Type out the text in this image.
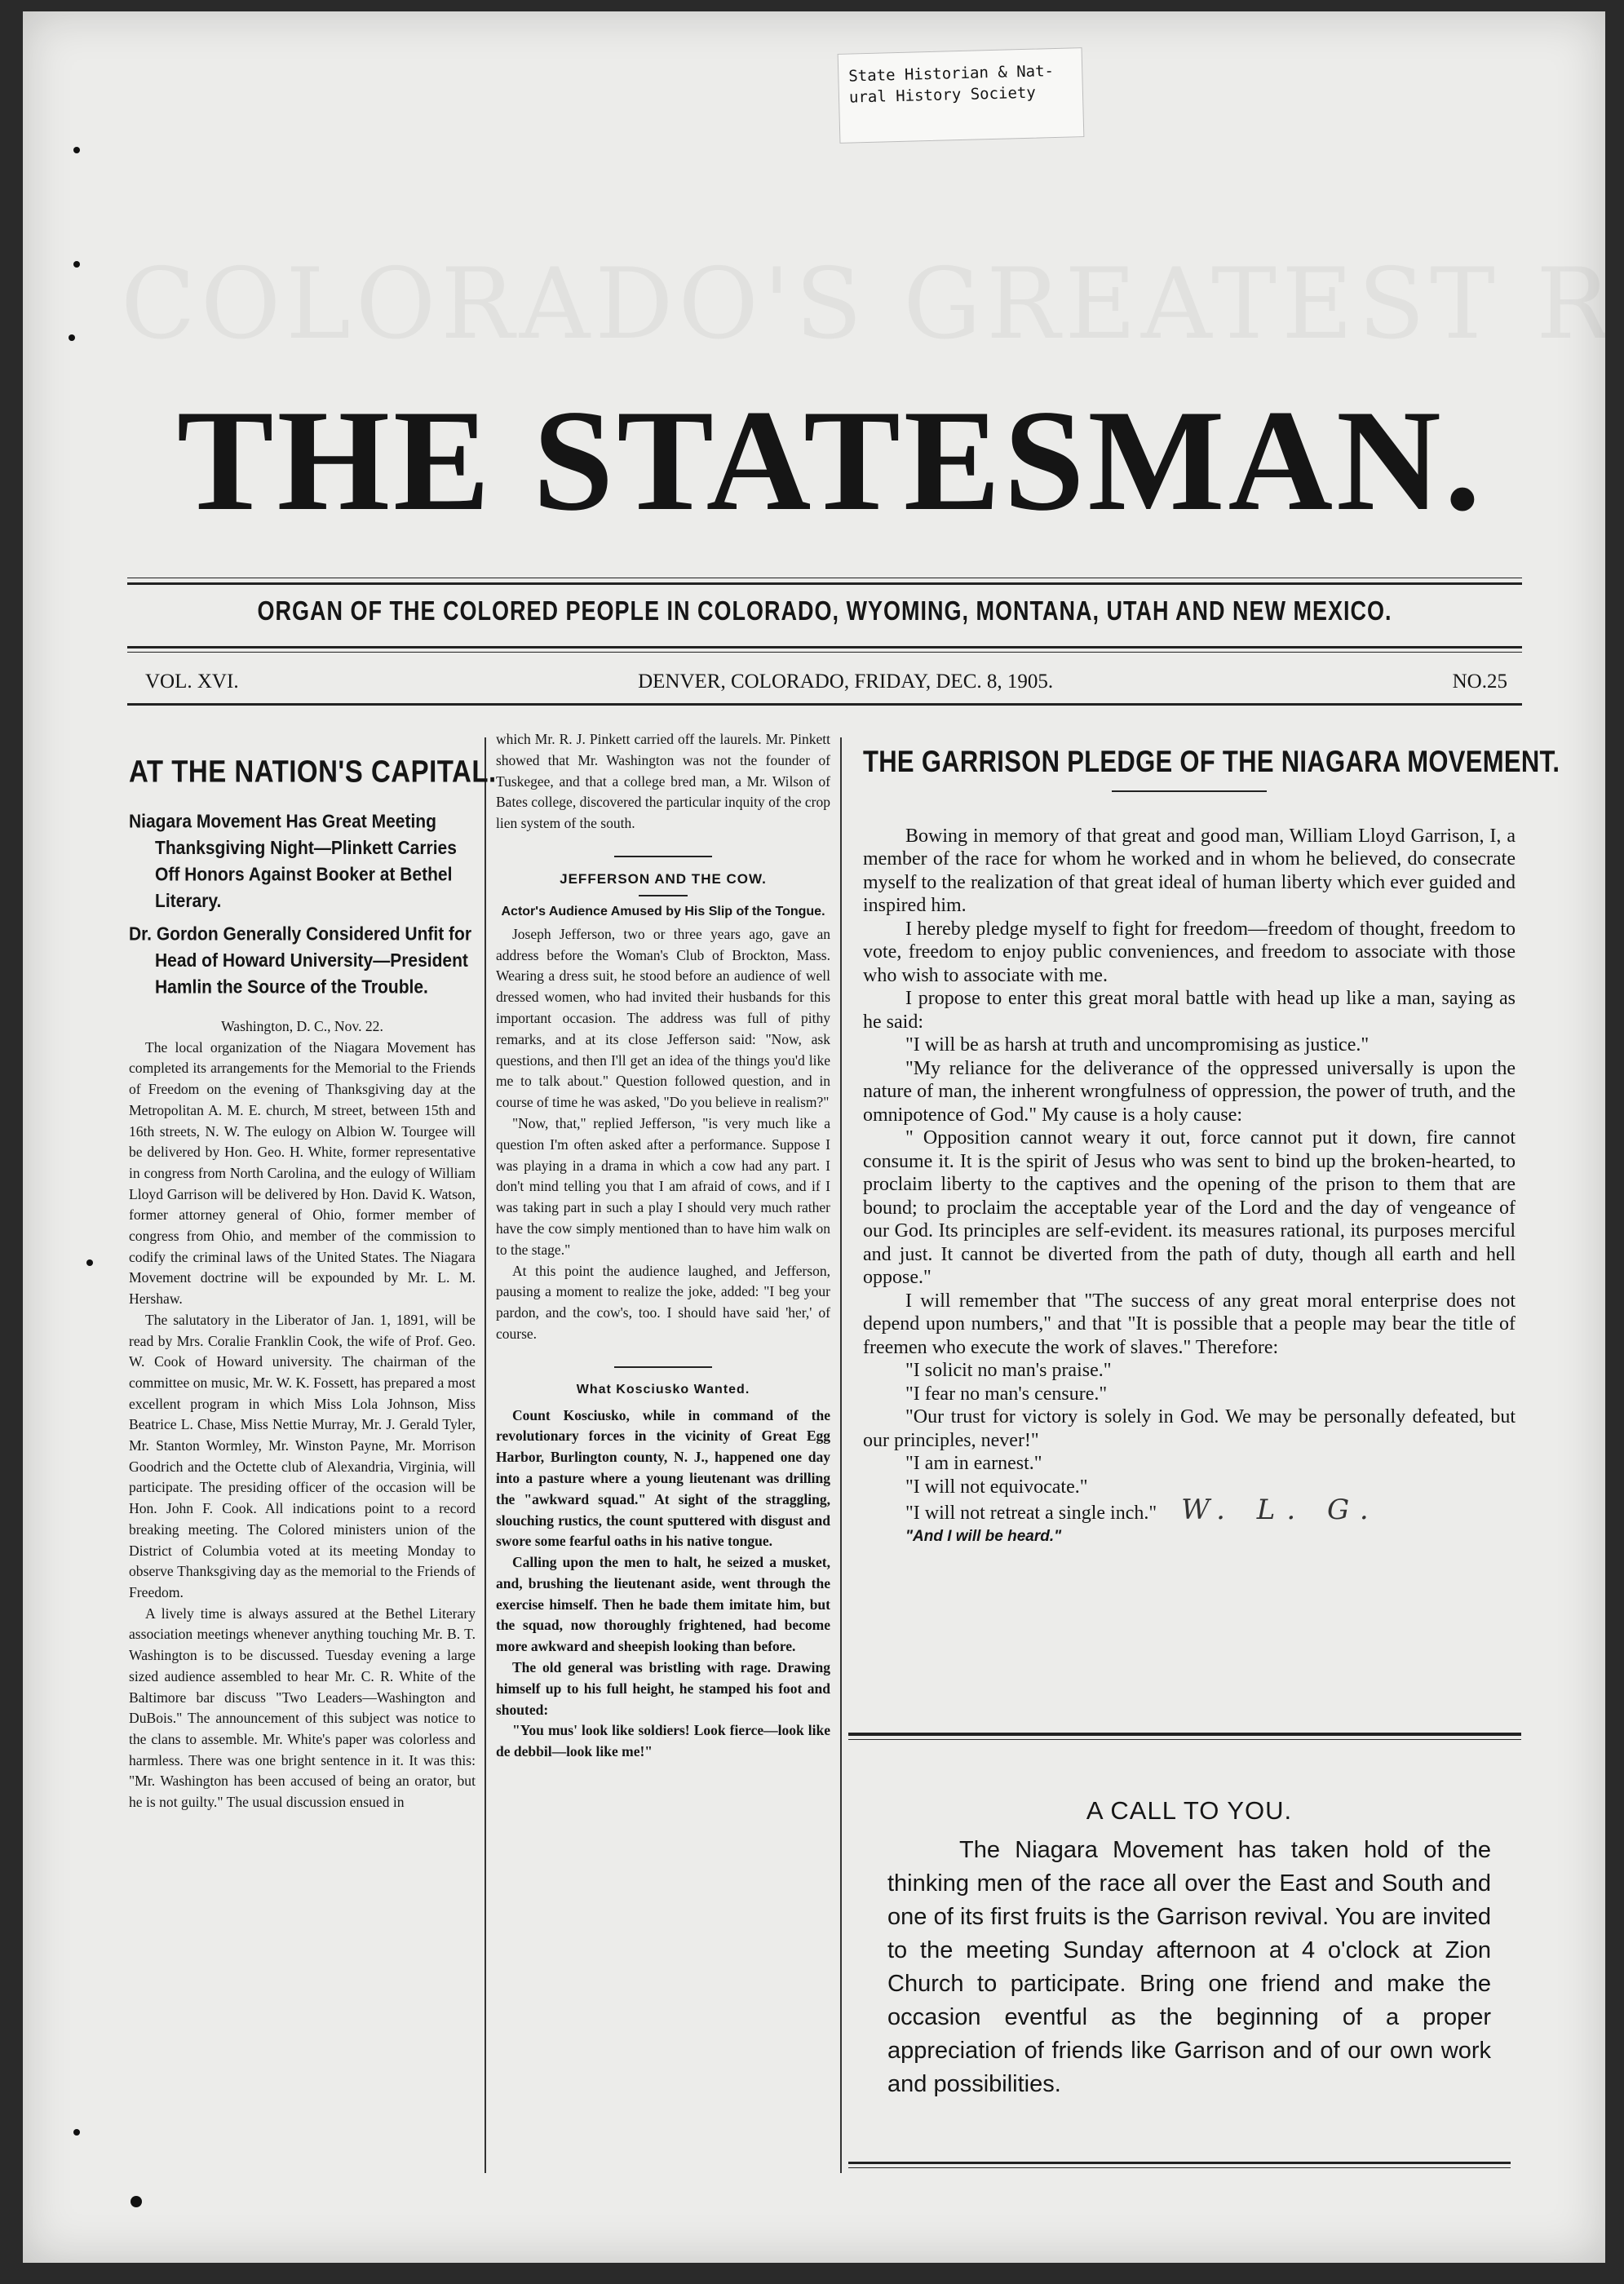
State Historian & Nat-
ural History Society
THE STATESMAN.
ORGAN OF THE COLORED PEOPLE IN COLORADO, WYOMING, MONTANA, UTAH AND NEW MEXICO.
VOL. XVI.	DENVER, COLORADO, FRIDAY, DEC. 8, 1905.	NO.25
AT THE NATION'S CAPITAL.
Niagara Movement Has Great Meeting
Thanksgiving Night—Plinkett Carries
Off Honors Against Booker at Bethel
Literary.
Dr. Gordon Generally Considered Unfit for
Head of Howard University—President
Hamlin the Source of the Trouble.

Washington, D. C., Nov. 22.

The local organization of the Niagara Movement has completed its arrangements for the Memorial to the Friends of Freedom on the evening of Thanksgiving day at the Metropolitan A. M. E. church, M street, between 15th and 16th streets, N. W. The eulogy on Albion W. Tourgee will be delivered by Hon. Geo. H. White, former representative in congress from North Carolina, and the eulogy of William Lloyd Garrison will be delivered by Hon. David K. Watson, former attorney general of Ohio, former member of congress from Ohio, and member of the commission to codify the criminal laws of the United States. The Niagara Movement doctrine will be expounded by Mr. L. M. Hershaw.

The salutatory in the Liberator of Jan. 1, 1891, will be read by Mrs. Coralie Franklin Cook, the wife of Prof. Geo. W. Cook of Howard university. The chairman of the committee on music, Mr. W. K. Fossett, has prepared a most excellent program in which Miss Lola Johnson, Miss Beatrice L. Chase, Miss Nettie Murray, Mr. J. Gerald Tyler, Mr. Stanton Wormley, Mr. Winston Payne, Mr. Morrison Goodrich and the Octette club of Alexandria, Virginia, will participate. The presiding officer of the occasion will be Hon. John F. Cook. All indications point to a record breaking meeting. The Colored ministers union of the District of Columbia voted at its meeting Monday to observe Thanksgiving day as the memorial to the Friends of Freedom.

A lively time is always assured at the Bethel Literary association meetings whenever anything touching Mr. B. T. Washington is to be discussed. Tuesday evening a large sized audience assembled to hear Mr. C. R. White of the Baltimore bar discuss "Two Leaders—Washington and DuBois." The announcement of this subject was notice to the clans to assemble. Mr. White's paper was colorless and harmless. There was one bright sentence in it. It was this: "Mr. Washington has been accused of being an orator, but he is not guilty." The usual discussion ensued in

which Mr. R. J. Pinkett carried off the laurels. Mr. Pinkett showed that Mr. Washington was not the founder of Tuskegee, and that a college bred man, a Mr. Wilson of Bates college, discovered the particular inquity of the crop lien system of the south.

JEFFERSON AND THE COW.

Actor's Audience Amused by His Slip of the Tongue.

Joseph Jefferson, two or three years ago, gave an address before the Woman's Club of Brockton, Mass. Wearing a dress suit, he stood before an audience of well dressed women, who had invited their husbands for this important occasion. The address was full of pithy remarks, and at its close Jefferson said: "Now, ask questions, and then I'll get an idea of the things you'd like me to talk about." Question followed question, and in course of time he was asked, "Do you believe in realism?"

"Now, that," replied Jefferson, "is very much like a question I'm often asked after a performance. Suppose I was playing in a drama in which a cow had any part. I don't mind telling you that I am afraid of cows, and if I was taking part in such a play I should very much rather have the cow simply mentioned than to have him walk on to the stage."

At this point the audience laughed, and Jefferson, pausing a moment to realize the joke, added: "I beg your pardon, and the cow's, too. I should have said 'her,' of course.

What Kosciusko Wanted.

Count Kosciusko, while in command of the revolutionary forces in the vicinity of Great Egg Harbor, Burlington county, N. J., happened one day into a pasture where a young lieutenant was drilling the "awkward squad." At sight of the straggling, slouching rustics, the count sputtered with disgust and swore some fearful oaths in his native tongue.

Calling upon the men to halt, he seized a musket, and, brushing the lieutenant aside, went through the exercise himself. Then he bade them imitate him, but the squad, now thoroughly frightened, had become more awkward and sheepish looking than before.

The old general was bristling with rage. Drawing himself up to his full height, he stamped his foot and shouted:

"You mus' look like soldiers! Look fierce—look like de debbil—look like me!"

THE GARRISON PLEDGE OF THE NIAGARA MOVEMENT.

Bowing in memory of that great and good man, William Lloyd Garrison, I, a member of the race for whom he worked and in whom he believed, do consecrate myself to the realization of that great ideal of human liberty which ever guided and inspired him.

I hereby pledge myself to fight for freedom—freedom of thought, freedom to vote, freedom to enjoy public conveniences, and freedom to associate with those who wish to associate with me.

I propose to enter this great moral battle with head up like a man, saying as he said:

"I will be as harsh at truth and uncompromising as justice."

"My reliance for the deliverance of the oppressed universally is upon the nature of man, the inherent wrongfulness of oppression, the power of truth, and the omnipotence of God." My cause is a holy cause:

" Opposition cannot weary it out, force cannot put it down, fire cannot consume it. It is the spirit of Jesus who was sent to bind up the broken-hearted, to proclaim liberty to the captives and the opening of the prison to them that are bound; to proclaim the acceptable year of the Lord and the day of vengeance of our God. Its principles are self-evident. its measures rational, its purposes merciful and just. It cannot be diverted from the path of duty, though all earth and hell oppose."

I will remember that "The success of any great moral enterprise does not depend upon numbers," and that "It is possible that a people may bear the title of freemen who execute the work of slaves." Therefore:

"I solicit no man's praise."

"I fear no man's censure."

"Our trust for victory is solely in God. We may be personally defeated, but our principles, never!"

"I am in earnest."

"I will not equivocate."

"I will not retreat a single inch." W. L. G.

"And I will be heard."

A CALL TO YOU.

The Niagara Movement has taken hold of the thinking men of the race all over the East and South and one of its first fruits is the Garrison revival. You are invited to the meeting Sunday afternoon at 4 o'clock at Zion Church to participate. Bring one friend and make the occasion eventful as the beginning of a proper appreciation of friends like Garrison and of our own work and possibilities.
